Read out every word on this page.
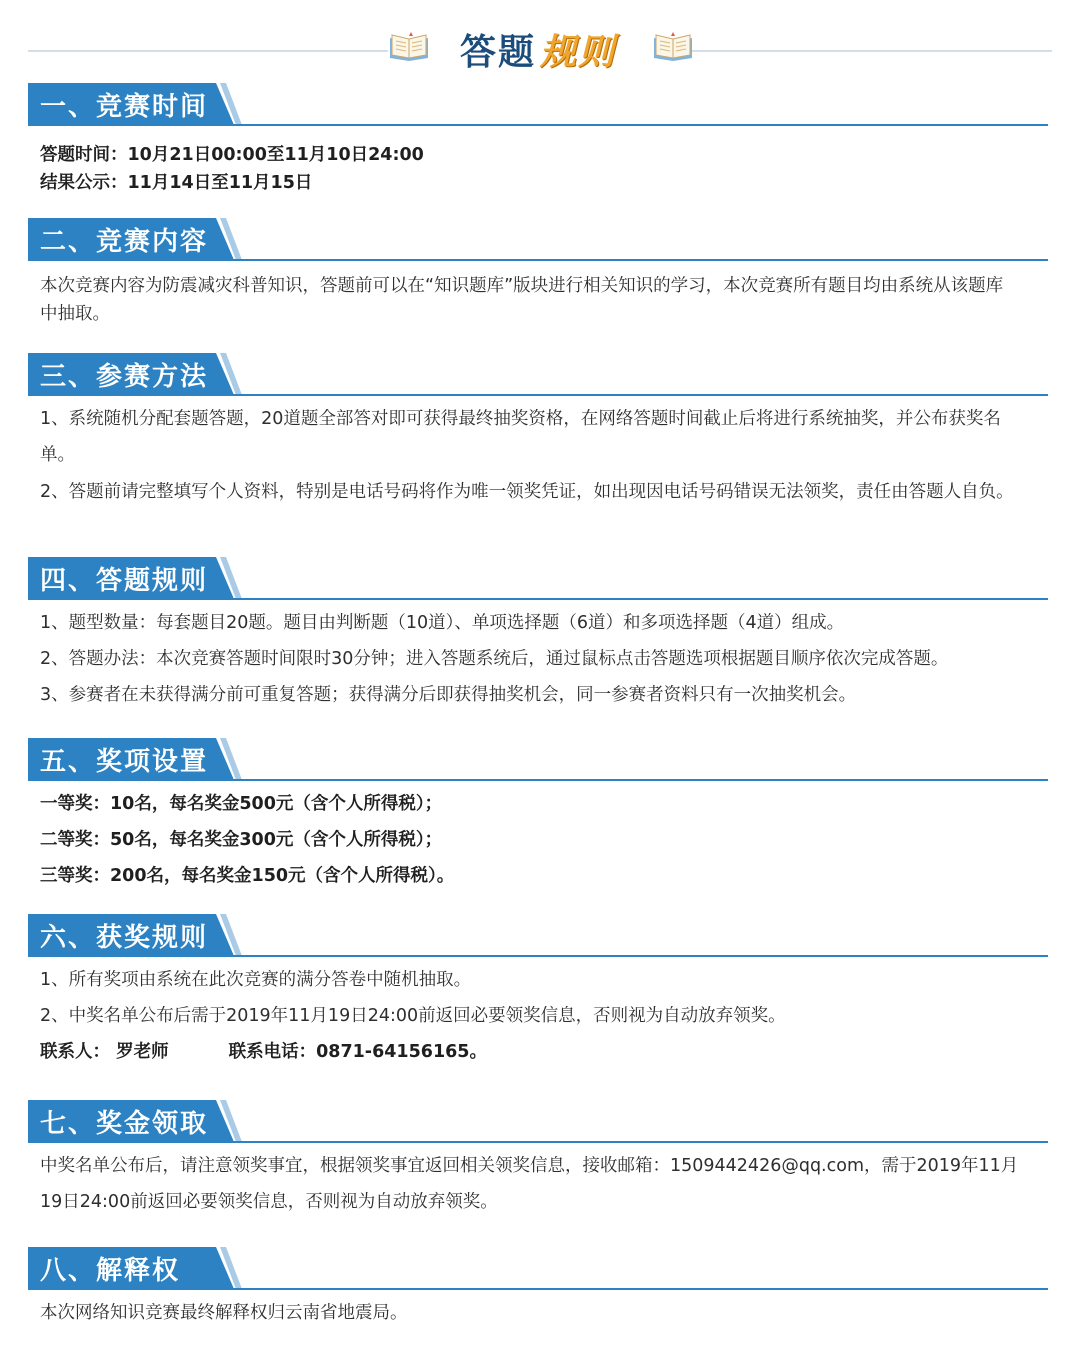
答题 规则
一、竞赛时间

答题时间：10月21日00:00至11月10日24:00

结果公示：11月14日至11月15日

二、竞赛内容

本次竞赛内容为防震减灾科普知识，答题前可以在“知识题库”版块进行相关知识的学习，本次竞赛所有题目均由系统从该题库中抽取。

三、参赛方法

1、系统随机分配套题答题，20道题全部答对即可获得最终抽奖资格，在网络答题时间截止后将进行系统抽奖，并公布获奖名单。

2、答题前请完整填写个人资料，特别是电话号码将作为唯一领奖凭证，如出现因电话号码错误无法领奖，责任由答题人自负。

四、答题规则

1、题型数量：每套题目20题。题目由判断题（10道）、单项选择题（6道）和多项选择题（4道）组成。

2、答题办法：本次竞赛答题时间限时30分钟；进入答题系统后，通过鼠标点击答题选项根据题目顺序依次完成答题。

3、参赛者在未获得满分前可重复答题；获得满分后即获得抽奖机会，同一参赛者资料只有一次抽奖机会。

五、奖项设置

一等奖：10名，每名奖金500元（含个人所得税）；

二等奖：50名，每名奖金300元（含个人所得税）；

三等奖：200名，每名奖金150元（含个人所得税）。

六、获奖规则

1、所有奖项由系统在此次竞赛的满分答卷中随机抽取。

2、中奖名单公布后需于2019年11月19日24:00前返回必要领奖信息，否则视为自动放弃领奖。

联系人： 罗老师	联系电话：0871-64156165。
七、奖金领取

中奖名单公布后，请注意领奖事宜，根据领奖事宜返回相关领奖信息，接收邮箱：1509442426@qq.com，需于2019年11月19日24:00前返回必要领奖信息，否则视为自动放弃领奖。

八、解释权

本次网络知识竞赛最终解释权归云南省地震局。
